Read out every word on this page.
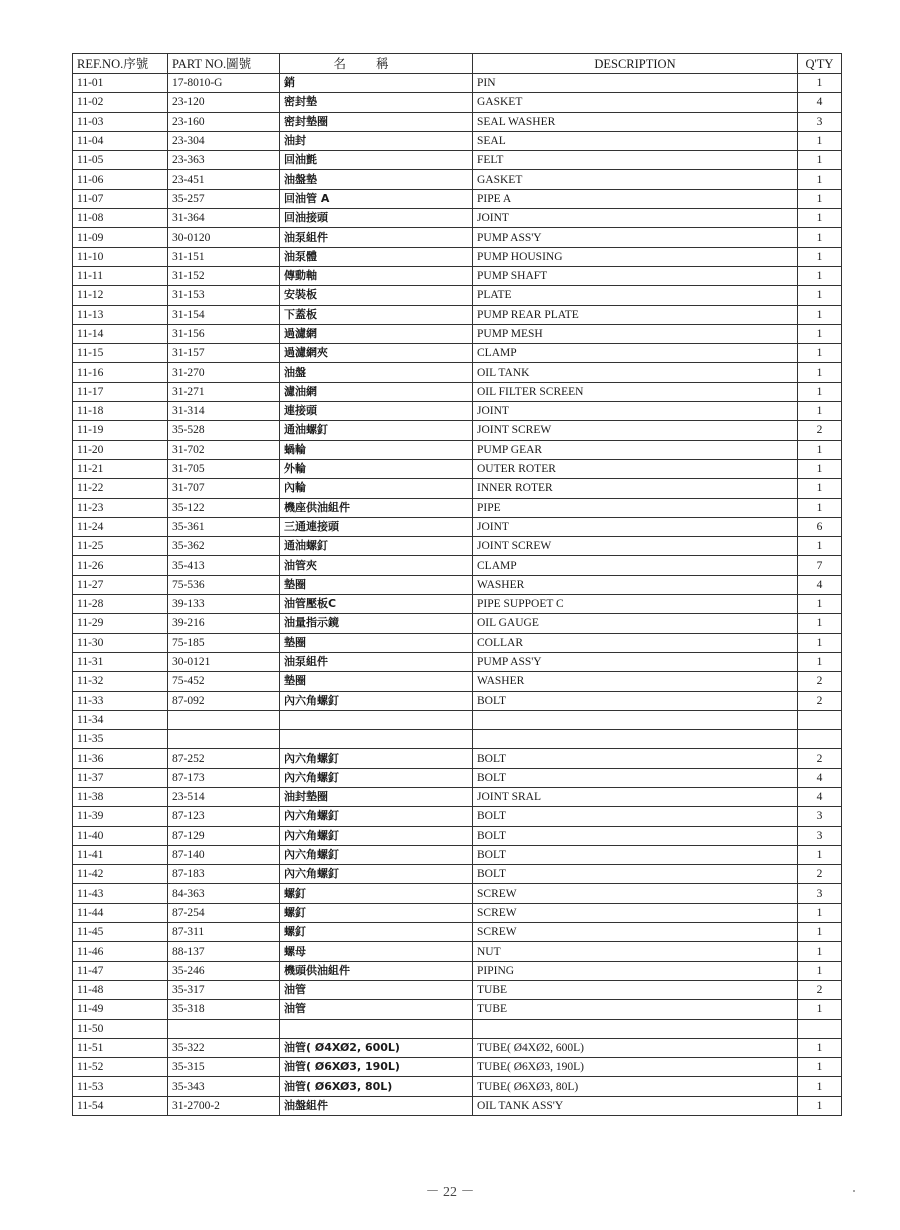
REF.NO.序號	PART NO.圖號	名稱	DESCRIPTION	Q'TY
11-01	17-8010-G	銷	PIN	1
11-02	23-120	密封墊	GASKET	4
11-03	23-160	密封墊圈	SEAL WASHER	3
11-04	23-304	油封	SEAL	1
11-05	23-363	回油氈	FELT	1
11-06	23-451	油盤墊	GASKET	1
11-07	35-257	回油管 A	PIPE A	1
11-08	31-364	回油接頭	JOINT	1
11-09	30-0120	油泵組件	PUMP ASS'Y	1
11-10	31-151	油泵體	PUMP HOUSING	1
11-11	31-152	傳動軸	PUMP SHAFT	1
11-12	31-153	安裝板	PLATE	1
11-13	31-154	下蓋板	PUMP REAR PLATE	1
11-14	31-156	過濾網	PUMP MESH	1
11-15	31-157	過濾網夾	CLAMP	1
11-16	31-270	油盤	OIL TANK	1
11-17	31-271	濾油網	OIL FILTER SCREEN	1
11-18	31-314	連接頭	JOINT	1
11-19	35-528	通油螺釘	JOINT SCREW	2
11-20	31-702	蝸輪	PUMP GEAR	1
11-21	31-705	外輪	OUTER ROTER	1
11-22	31-707	內輪	INNER ROTER	1
11-23	35-122	機座供油組件	PIPE	1
11-24	35-361	三通連接頭	JOINT	6
11-25	35-362	通油螺釘	JOINT SCREW	1
11-26	35-413	油管夾	CLAMP	7
11-27	75-536	墊圈	WASHER	4
11-28	39-133	油管壓板C	PIPE SUPPOET C	1
11-29	39-216	油量指示鏡	OIL GAUGE	1
11-30	75-185	墊圈	COLLAR	1
11-31	30-0121	油泵組件	PUMP ASS'Y	1
11-32	75-452	墊圈	WASHER	2
11-33	87-092	內六角螺釘	BOLT	2
11-34				
11-35				
11-36	87-252	內六角螺釘	BOLT	2
11-37	87-173	內六角螺釘	BOLT	4
11-38	23-514	油封墊圈	JOINT SRAL	4
11-39	87-123	內六角螺釘	BOLT	3
11-40	87-129	內六角螺釘	BOLT	3
11-41	87-140	內六角螺釘	BOLT	1
11-42	87-183	內六角螺釘	BOLT	2
11-43	84-363	螺釘	SCREW	3
11-44	87-254	螺釘	SCREW	1
11-45	87-311	螺釘	SCREW	1
11-46	88-137	螺母	NUT	1
11-47	35-246	機頭供油組件	PIPING	1
11-48	35-317	油管	TUBE	2
11-49	35-318	油管	TUBE	1
11-50				
11-51	35-322	油管( Ø4XØ2, 600L)	TUBE( Ø4XØ2, 600L)	1
11-52	35-315	油管( Ø6XØ3, 190L)	TUBE( Ø6XØ3, 190L)	1
11-53	35-343	油管( Ø6XØ3, 80L)	TUBE( Ø6XØ3, 80L)	1
11-54	31-2700-2	油盤組件	OIL TANK ASS'Y	1
－ 22 －
